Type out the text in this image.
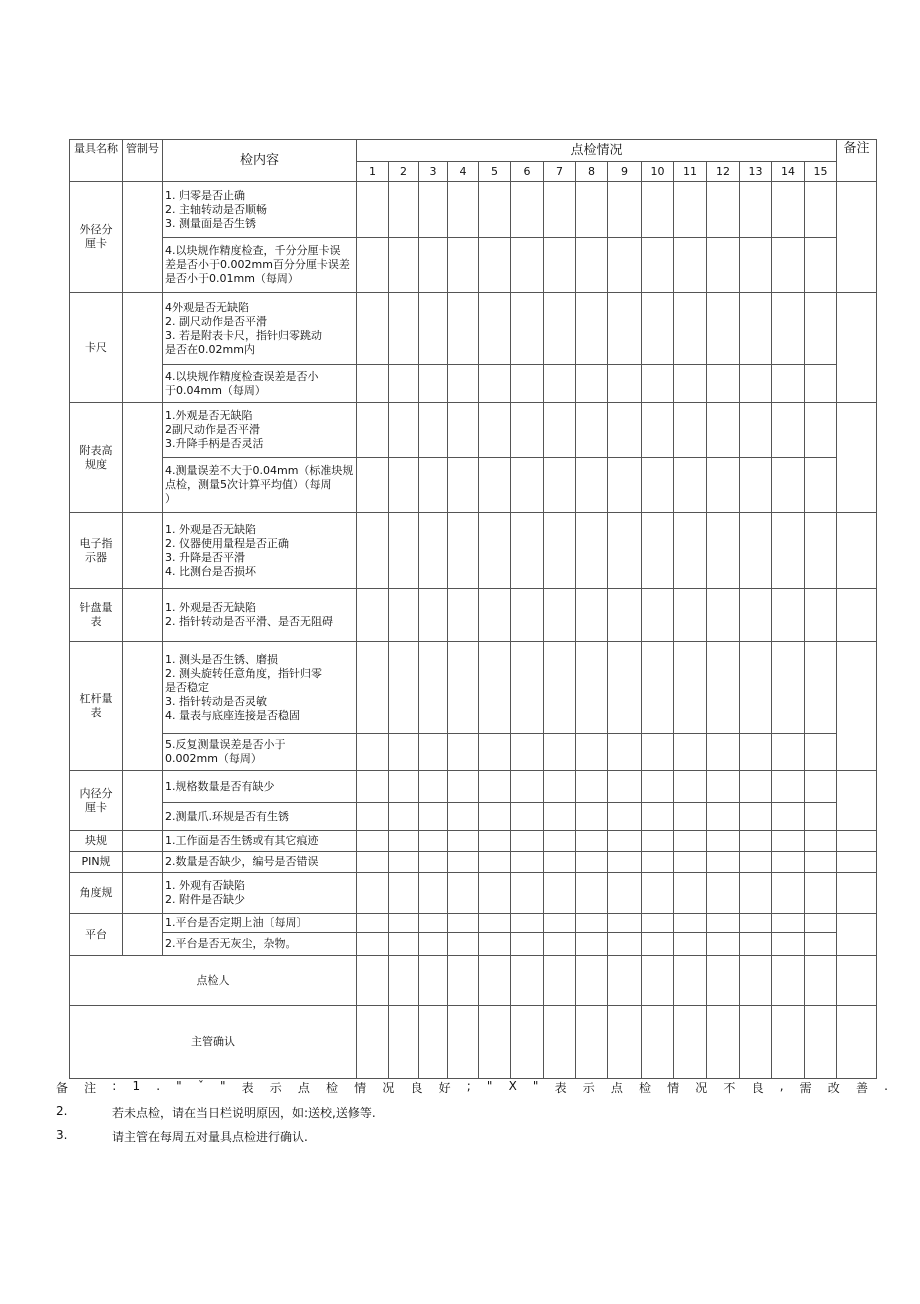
量具名称	管制号	检内容	点检情况															备注
			1	2	3	4	5	6	7	8	9	10	11	12	13	14	15	
外径分厘卡		1. 归零是否止确
2. 主轴转动是否顺畅
3. 测量面是否生锈																

		4.以块规作精度检查，千分分厘卡误
差是否小于0.002mm百分分厘卡误差
是否小于0.01mm（每周）																

卡尺		4外观是否无缺陷
2. 副尺动作是否平滑
3. 若是附表卡尺，指针归零跳动
是否在0.02mm内																

		4.以块规作精度检查误差是否小
于0.04mm（每周）																

附表高规度		1.外观是否无缺陷
2副尺动作是否平滑
3.升降手柄是否灵活																

		4.测量误差不大于0.04mm（标准块规
点检，测量5次计算平均值）（每周
）																

电子指示器		1. 外观是否无缺陷
2. 仪器使用量程是否正确
3. 升降是否平滑
4. 比测台是否损坏																

针盘量表		1. 外观是否无缺陷
2. 指针转动是否平滑、是否无阻碍																

杠杆量表		1. 测头是否生锈、磨损
2. 测头旋转任意角度，指针归零
是否稳定
3. 指针转动是否灵敏
4. 量表与底座连接是否稳固																

		5.反复测量误差是否小于
0.002mm（每周）																

内径分厘卡		1.规格数量是否有缺少																

		2.测量爪.环规是否有生锈																

块规		1.工作面是否生锈或有其它痕迹																

PIN规		2.数量是否缺少，编号是否错误																

角度规		1. 外观有否缺陷
2. 附件是否缺少																

平台		1.平台是否定期上油〔每周〕																

		2.平台是否无灰尘，杂物。																

点检人																		
主管确认																		
备 注 : 1 . " ˇ " 表 示 点 检 情 况 良 好 ; " X " 表 示 点 检 情 况 不 良 , 需 改 善 .
2.	若未点检，请在当日栏说明原因，如:送校,送修等.
3.	请主管在每周五对量具点检进行确认.
